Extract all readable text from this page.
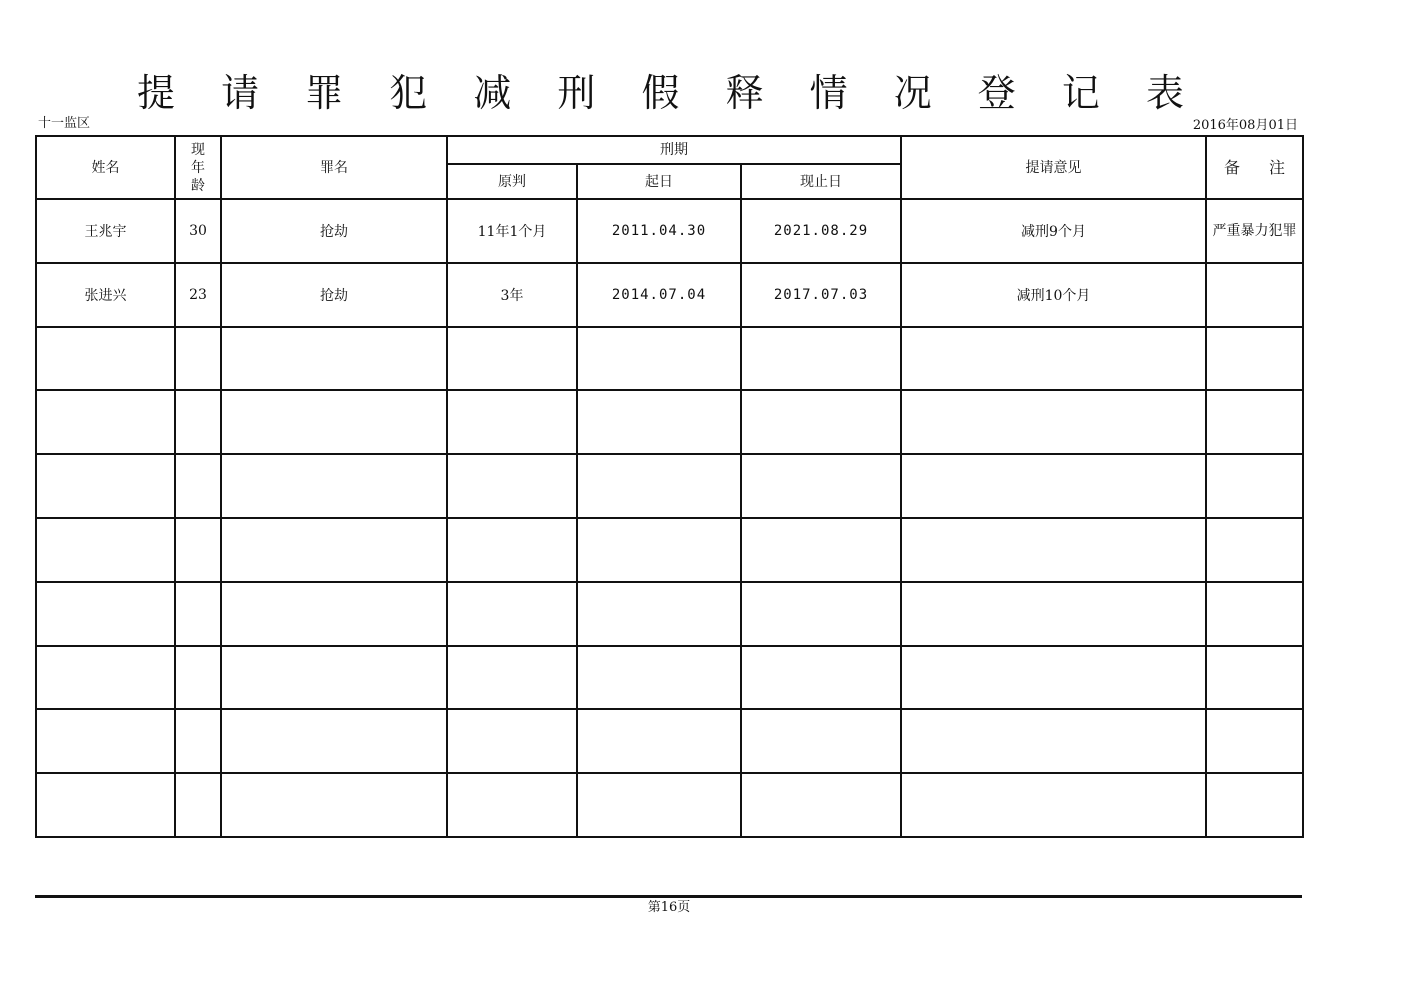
提 请 罪 犯 减 刑 假 释 情 况 登 记 表
十一监区	2016年08月01日
姓名	现
年
龄	罪名	刑期			提请意见	备 注
			原判	起日	现止日		
王兆宇	30	抢劫	11年1个月	2011.04.30	2021.08.29	减刑9个月	严重暴力犯罪
张进兴	23	抢劫	3年	2014.07.04	2017.07.03	减刑10个月	

第16页
